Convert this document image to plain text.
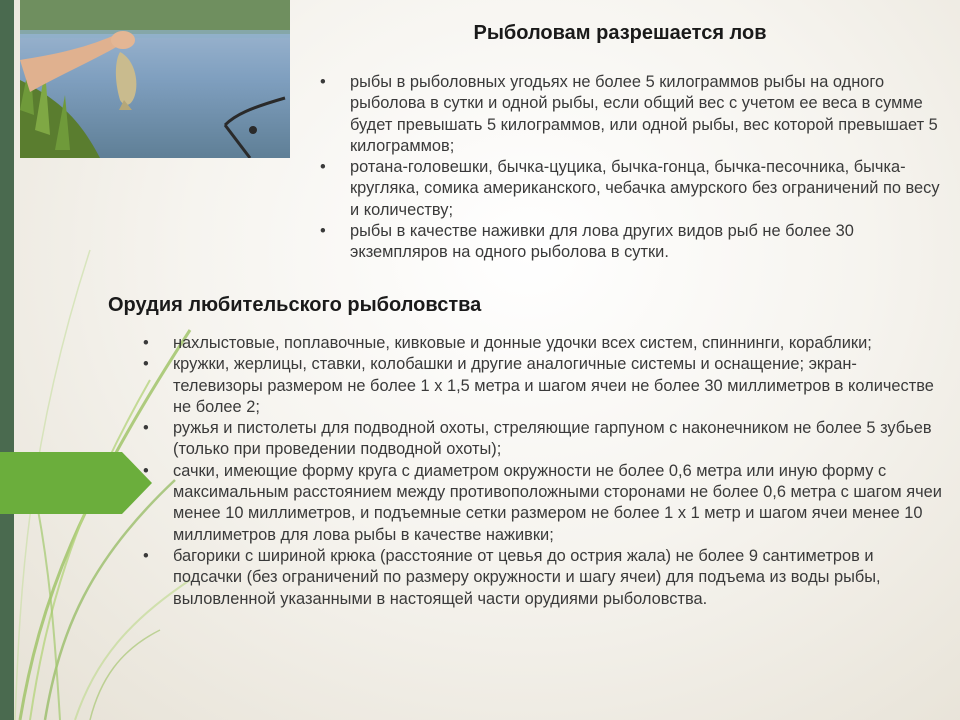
Рыболовам разрешается лов
• рыбы в рыболовных угодьях не более 5 килограммов рыбы на одного рыболова в сутки и одной рыбы, если общий вес с учетом ее веса в сумме будет превышать 5 килограммов, или одной рыбы, вес которой превышает 5 килограммов;
• ротана-головешки, бычка-цуцика, бычка-гонца, бычка-песочника, бычка-кругляка, сомика американского, чебачка амурского без ограничений по весу и количеству;
• рыбы в качестве наживки для лова других видов рыб не более 30 экземпляров на одного рыболова в сутки.
Орудия любительского рыболовства
• нахлыстовые, поплавочные, кивковые и донные удочки всех систем, спиннинги, кораблики;
• кружки, жерлицы, ставки, колобашки и другие аналогичные системы и оснащение; экран-телевизоры размером не более 1 х 1,5 метра и шагом ячеи не более 30 миллиметров в количестве не более 2;
• ружья и пистолеты для подводной охоты, стреляющие гарпуном с наконечником не более 5 зубьев (только при проведении подводной охоты);
• сачки, имеющие форму круга с диаметром окружности не более 0,6 метра или иную форму с максимальным расстоянием между противоположными сторонами не более 0,6 метра с шагом ячеи менее 10 миллиметров, и подъемные сетки размером не более 1 х 1 метр и шагом ячеи менее 10 миллиметров для лова рыбы в качестве наживки;
• багорики с шириной крюка (расстояние от цевья до острия жала) не более 9 сантиметров и подсачки (без ограничений по размеру окружности и шагу ячеи) для подъема из воды рыбы, выловленной указанными в настоящей части орудиями рыболовства.
